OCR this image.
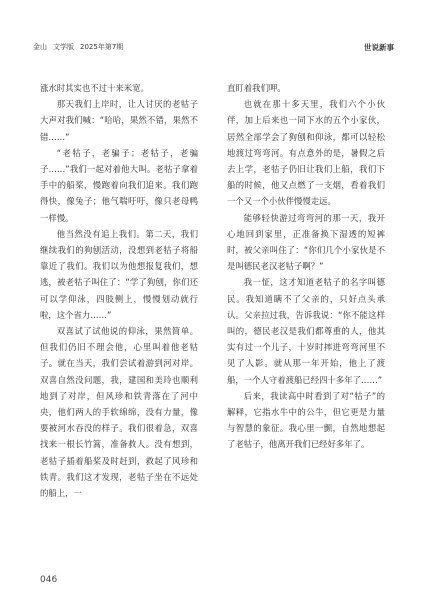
金山 文学版 2025年第7期	世说新事

涨水时其实也不过十来米宽。

那天我们上岸时，让人讨厌的老牯子大声对我们喊：“哈哈，果然不错，果然不错……”

“老牯子，老骗子；老牯子，老骗子……”我们一起对着他大叫。老牯子拿着手中的船桨，慢跑着向我们追来。我们跑得快，像兔子；他气喘吁吁，像只老母鸭一样慢。

他当然没有追上我们。第二天，我们继续我们的狗刨活动，没想到老牯子将船靠近了我们。我们以为他想报复我们，想逃，被老牯子叫住了：“学了狗刨，你们还可以学仰泳，四肢侧上，慢慢划动就行啦，这个省力……”

双喜试了试他说的仰泳，果然简单。但我们仍旧不理会他，心里叫着他老牯子。就在当天，我们尝试着游到河对岸。双喜自然没问题，我，建国和美玲也顺利地到了对岸，但风珍和铁青落在了河中央，他们两人的手软绵绵，没有力量，像要被河水吞没的样子。我们很着急，双喜找来一根长竹篙，准备救人。没有想到，老牯子插着船桨及时赶到，救起了风珍和铁青。我们这才发现，老牯子坐在不远处的船上，一

直盯着我们呷。

也就在那十多天里，我们六个小伙伴，加上后来也一同下水的五个小家伙，居然全部学会了狗刨和仰泳，都可以轻松地渡过弯弯河。有点意外的是，暑假之后去上学，老牯子仍旧让我们上船，我们下船的时候，他又点燃了一支烟，看着我们一个又一个小伙伴慢慢走远。

能够轻快游过弯弯河的那一天，我开心地回到家里，正准备换下湿透的短裤时，被父亲叫住了：“你们几个小家伙是不是叫德民老汉老牯子啊？”

我一怔，这才知道老牯子的名字叫德民。我知道瞒不了父亲的，只好点头承认。父亲拉过我，告诉我说：“你不能这样叫的，德民老汉是我们都尊重的人，他其实有过一个儿子，十岁时摔进弯弯河里不见了人影。就从那一年开始，他上了渡船，一个人守着渡船已经四十多年了……”

后来，我读高中时看到了对“牯子”的解释，它指水牛中的公牛，但它更是力量与智慧的象征。我心里一颤，自然地想起了老牯子，他离开我们已经好多年了。

046
